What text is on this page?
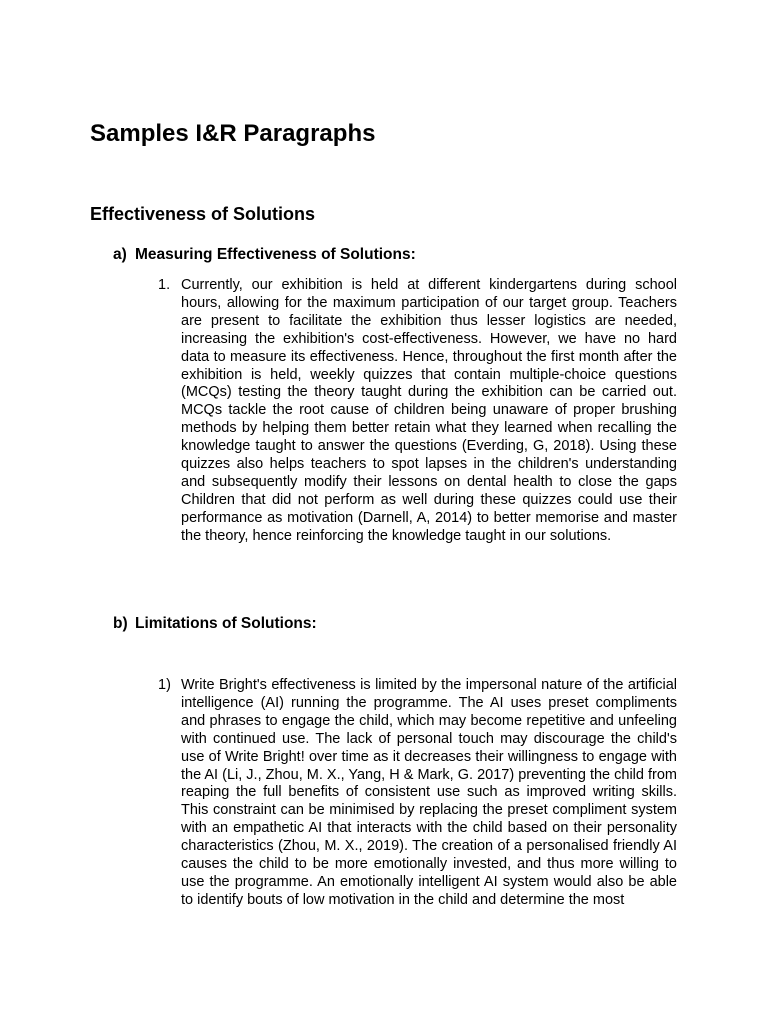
Samples I&R Paragraphs
Effectiveness of Solutions
a) Measuring Effectiveness of Solutions:
1. Currently, our exhibition is held at different kindergartens during school hours, allowing for the maximum participation of our target group. Teachers are present to facilitate the exhibition thus lesser logistics are needed, increasing the exhibition's cost-effectiveness. However, we have no hard data to measure its effectiveness. Hence, throughout the first month after the exhibition is held, weekly quizzes that contain multiple-choice questions (MCQs) testing the theory taught during the exhibition can be carried out. MCQs tackle the root cause of children being unaware of proper brushing methods by helping them better retain what they learned when recalling the knowledge taught to answer the questions (Everding, G, 2018). Using these quizzes also helps teachers to spot lapses in the children's understanding and subsequently modify their lessons on dental health to close the gaps Children that did not perform as well during these quizzes could use their performance as motivation (Darnell, A, 2014) to better memorise and master the theory, hence reinforcing the knowledge taught in our solutions.
b) Limitations of Solutions:
1) Write Bright's effectiveness is limited by the impersonal nature of the artificial intelligence (AI) running the programme. The AI uses preset compliments and phrases to engage the child, which may become repetitive and unfeeling with continued use. The lack of personal touch may discourage the child's use of Write Bright! over time as it decreases their willingness to engage with the AI (Li, J., Zhou, M. X., Yang, H & Mark, G. 2017) preventing the child from reaping the full benefits of consistent use such as improved writing skills. This constraint can be minimised by replacing the preset compliment system with an empathetic AI that interacts with the child based on their personality characteristics (Zhou, M. X., 2019). The creation of a personalised friendly AI causes the child to be more emotionally invested, and thus more willing to use the programme. An emotionally intelligent AI system would also be able to identify bouts of low motivation in the child and determine the most
